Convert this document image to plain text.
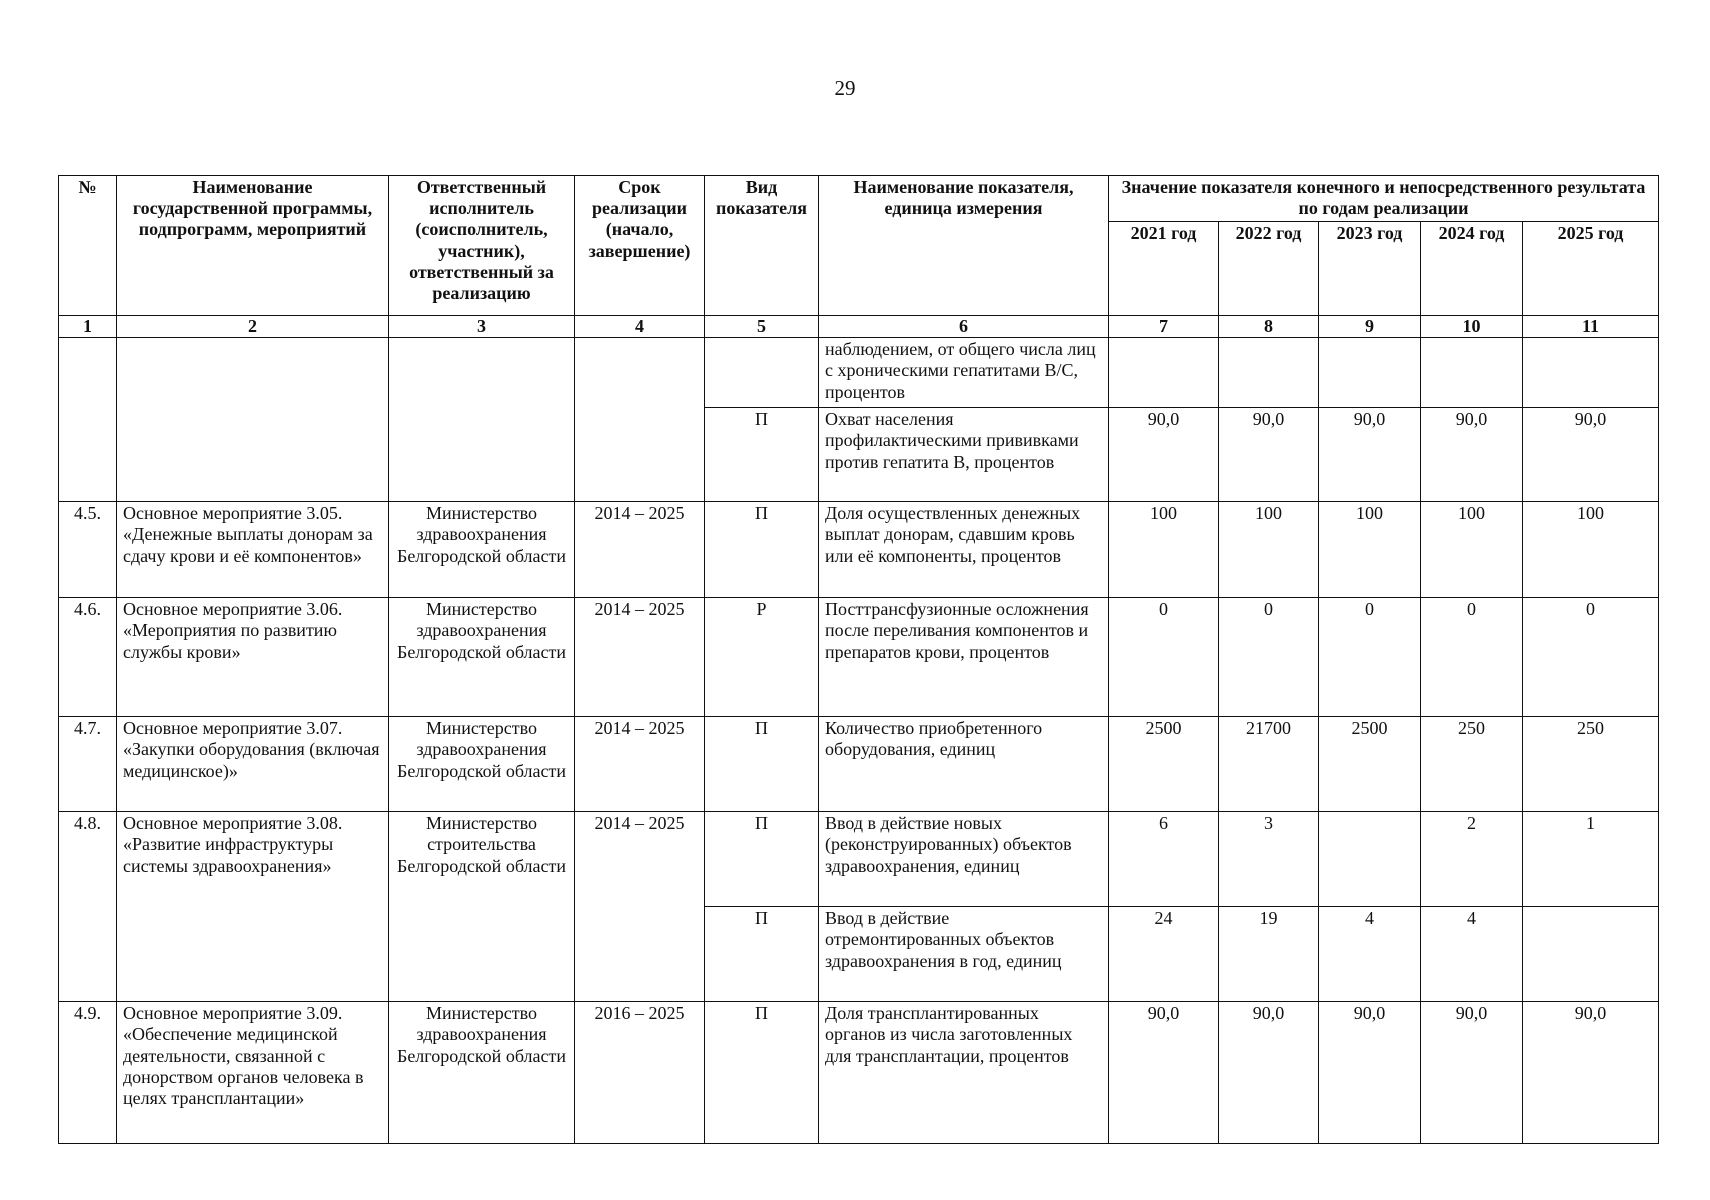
29
№	Наименование государственной программы, подпрограмм, мероприятий	Ответственный исполнитель (соисполнитель, участник), ответственный за реализацию	Срок реализации (начало, завершение)	Вид показателя	Наименование показателя, единица измерения	Значение показателя конечного и непосредственного результата по годам реализации				
						2021 год	2022 год	2023 год	2024 год	2025 год
1	2	3	4	5	6	7	8	9	10	11
					наблюдением, от общего числа лиц с хроническими гепатитами В/С, процентов					
				П	Охват населения профилактическими прививками против гепатита В, процентов	90,0	90,0	90,0	90,0	90,0
4.5.	Основное мероприятие 3.05. «Денежные выплаты донорам за сдачу крови и её компонентов»	Министерство здравоохранения Белгородской области	2014 – 2025	П	Доля осуществленных денежных выплат донорам, сдавшим кровь или её компоненты, процентов	100	100	100	100	100
4.6.	Основное мероприятие 3.06. «Мероприятия по развитию службы крови»	Министерство здравоохранения Белгородской области	2014 – 2025	Р	Посттрансфузионные осложнения после переливания компонентов и препаратов крови, процентов	0	0	0	0	0
4.7.	Основное мероприятие 3.07. «Закупки оборудования (включая медицинское)»	Министерство здравоохранения Белгородской области	2014 – 2025	П	Количество приобретенного оборудования, единиц	2500	21700	2500	250	250
4.8.	Основное мероприятие 3.08. «Развитие инфраструктуры системы здравоохранения»	Министерство строительства Белгородской области	2014 – 2025	П	Ввод в действие новых (реконструированных) объектов здравоохранения, единиц	6	3		2	1
				П	Ввод в действие отремонтированных объектов здравоохранения в год, единиц	24	19	4	4	
4.9.	Основное мероприятие 3.09. «Обеспечение медицинской деятельности, связанной с донорством органов человека в целях трансплантации»	Министерство здравоохранения Белгородской области	2016 – 2025	П	Доля трансплантированных органов из числа заготовленных для трансплантации, процентов	90,0	90,0	90,0	90,0	90,0
